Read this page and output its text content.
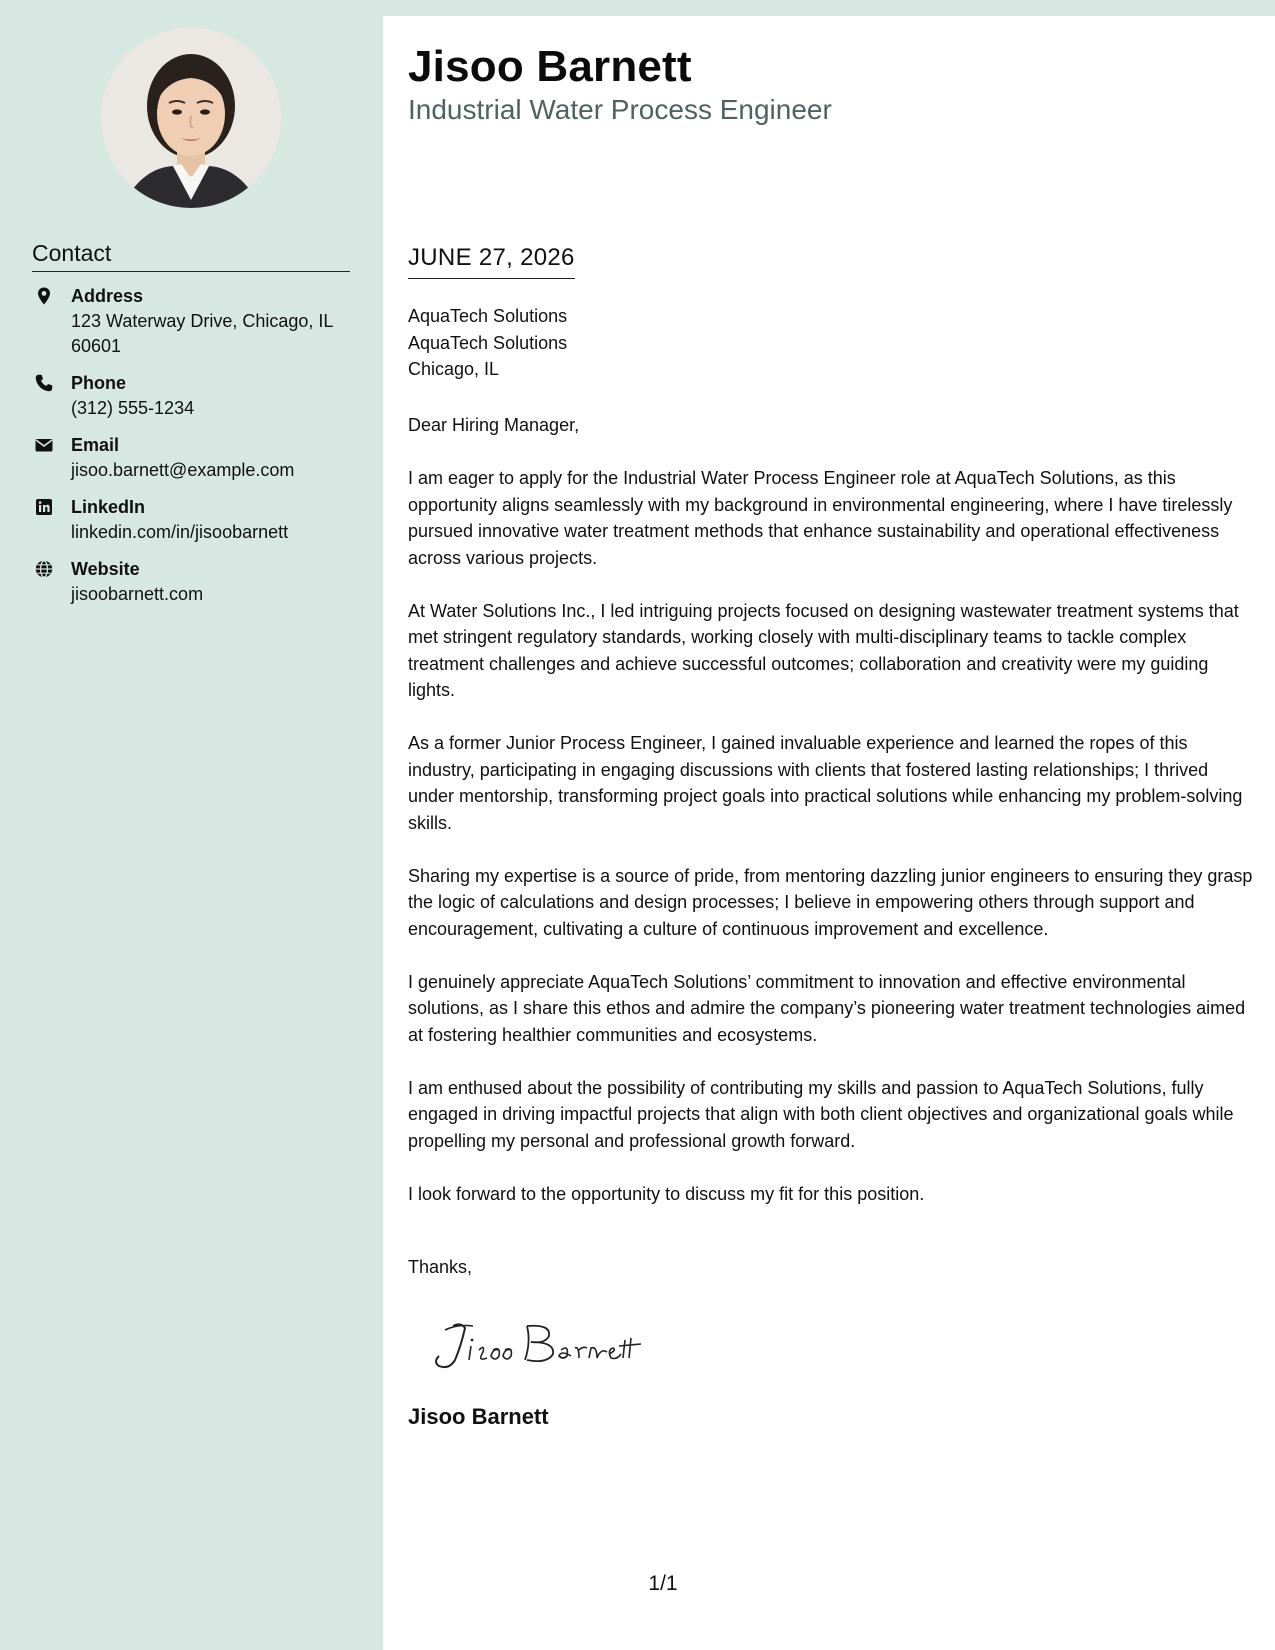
Contact
Address
123 Waterway Drive, Chicago, IL 60601
Phone
(312) 555-1234
Email
jisoo.barnett@example.com
LinkedIn
linkedin.com/in/jisoobarnett
Website
jisoobarnett.com
Jisoo Barnett
Industrial Water Process Engineer
JUNE 27, 2026
AquaTech Solutions
AquaTech Solutions
Chicago, IL

Dear Hiring Manager,

I am eager to apply for the Industrial Water Process Engineer role at AquaTech Solutions, as this opportunity aligns seamlessly with my background in environmental engineering, where I have tirelessly pursued innovative water treatment methods that enhance sustainability and operational effectiveness across various projects.

At Water Solutions Inc., I led intriguing projects focused on designing wastewater treatment systems that met stringent regulatory standards, working closely with multi-disciplinary teams to tackle complex treatment challenges and achieve successful outcomes; collaboration and creativity were my guiding lights.

As a former Junior Process Engineer, I gained invaluable experience and learned the ropes of this industry, participating in engaging discussions with clients that fostered lasting relationships; I thrived under mentorship, transforming project goals into practical solutions while enhancing my problem-solving skills.

Sharing my expertise is a source of pride, from mentoring dazzling junior engineers to ensuring they grasp the logic of calculations and design processes; I believe in empowering others through support and encouragement, cultivating a culture of continuous improvement and excellence.

I genuinely appreciate AquaTech Solutions’ commitment to innovation and effective environmental solutions, as I share this ethos and admire the company’s pioneering water treatment technologies aimed at fostering healthier communities and ecosystems.

I am enthused about the possibility of contributing my skills and passion to AquaTech Solutions, fully engaged in driving impactful projects that align with both client objectives and organizational goals while propelling my personal and professional growth forward.

I look forward to the opportunity to discuss my fit for this position.

Thanks,
Jisoo Barnett
1/1
